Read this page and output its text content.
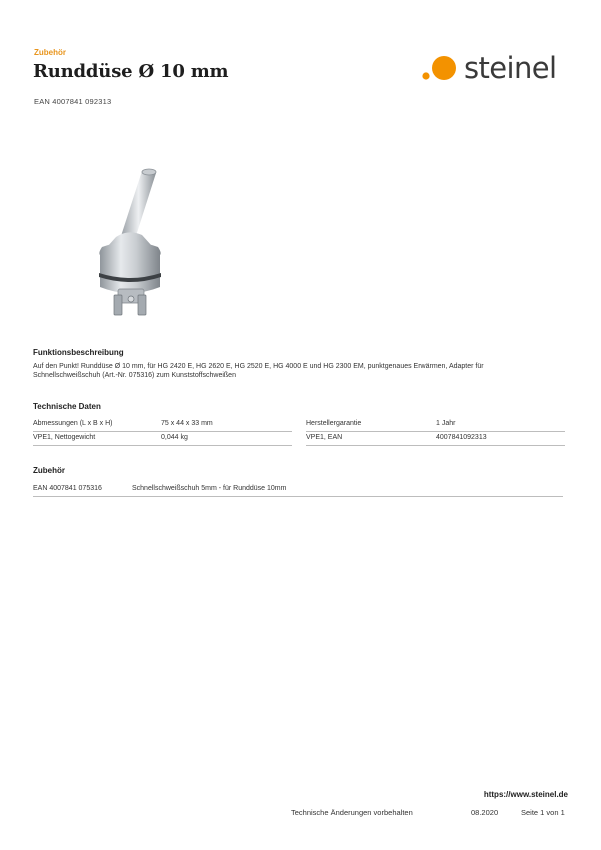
Zubehör
Runddüse Ø 10 mm
EAN 4007841 092313
steinel
Funktionsbeschreibung
Auf den Punkt! Runddüse Ø 10 mm, für HG 2420 E, HG 2620 E, HG 2520 E, HG 4000 E und HG 2300 EM, punktgenaues Erwärmen, Adapter für
Schnellschweißschuh (Art.-Nr. 075316) zum Kunststoffschweißen
Technische Daten
Abmessungen (L x B x H)	75 x 44 x 33 mm
VPE1, Nettogewicht	0,044 kg
Herstellergarantie	1 Jahr
VPE1, EAN	4007841092313
Zubehör
EAN 4007841 075316	Schnellschweißschuh 5mm - für Runddüse 10mm
https://www.steinel.de
Technische Änderungen vorbehalten	08.2020	Seite 1 von 1
